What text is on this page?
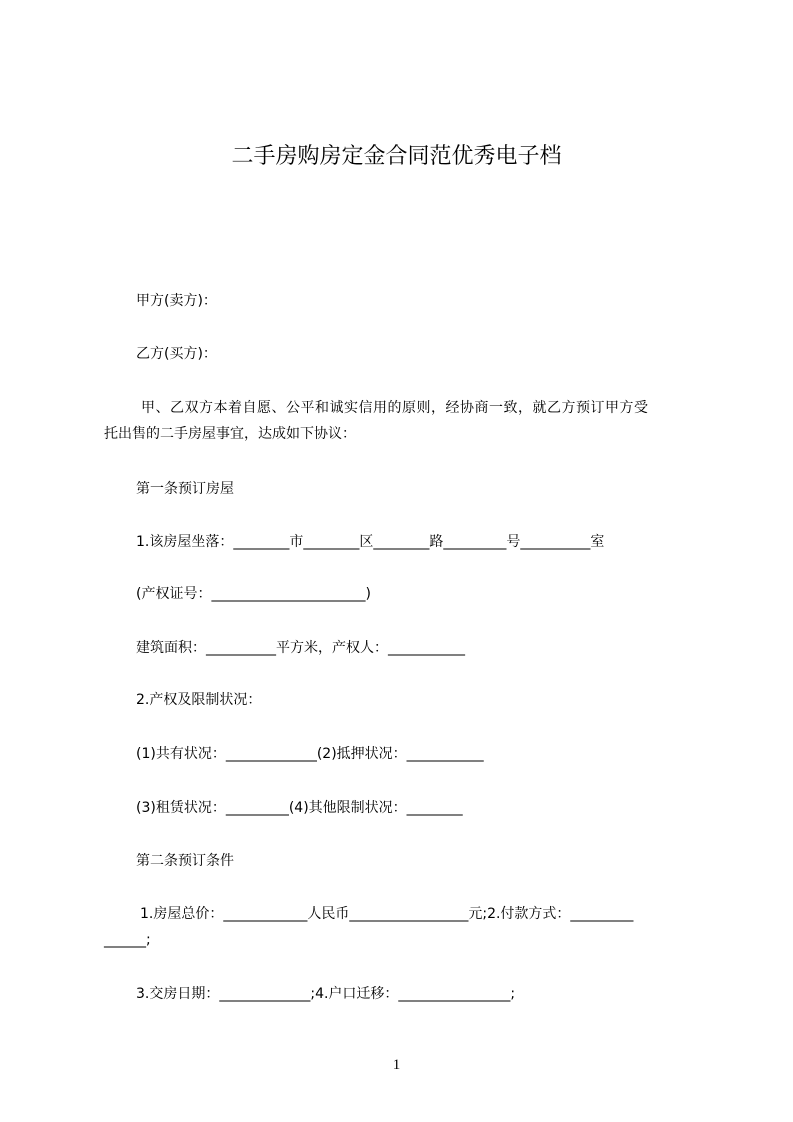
二手房购房定金合同范优秀电子档
甲方(卖方)：
乙方(买方)：
甲、乙双方本着自愿、公平和诚实信用的原则，经协商一致，就乙方预订甲方受
托出售的二手房屋事宜，达成如下协议：
第一条预订房屋
1.该房屋坐落：________市________区________路_________号__________室
(产权证号：______________________)
建筑面积：__________平方米，产权人：___________
2.产权及限制状况：
(1)共有状况：_____________(2)抵押状况：___________
(3)租赁状况：_________(4)其他限制状况：________
第二条预订条件
1.房屋总价：____________人民币_________________元;2.付款方式：_________
______;
3.交房日期：_____________;4.户口迁移：________________;
1
